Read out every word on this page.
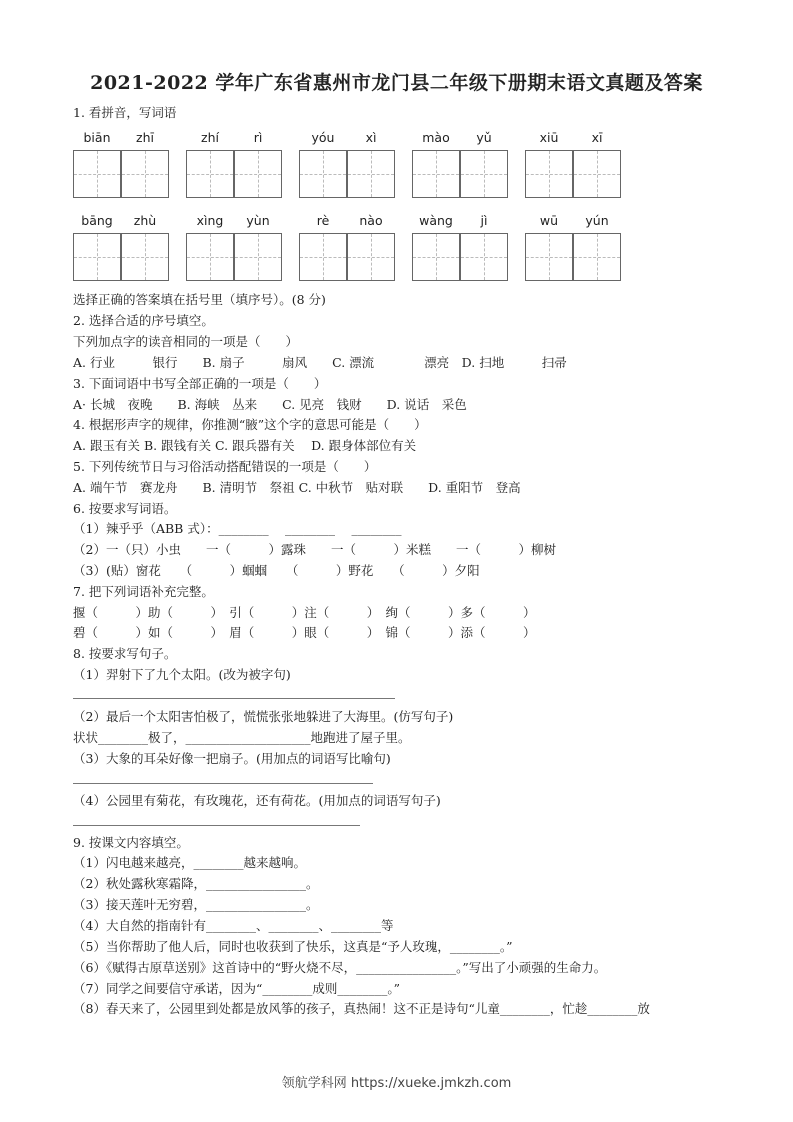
2021-2022 学年广东省惠州市龙门县二年级下册期末语文真题及答案
1. 看拼音，写词语
biān	zhī	zhí	rì	yóu	xì	mào	yǔ	xiū	xī
bāng	zhù	xìng	yùn	rè	nào	wàng	jì	wū	yún
选择正确的答案填在括号里（填序号）。(8 分)
2. 选择合适的序号填空。
下列加点字的读音相同的一项是（　　）
A. 行业　　　银行　　B. 扇子　　　扇风　　C. 漂流　　　　漂亮　D. 扫地　　　扫帚
3. 下面词语中书写全部正确的一项是（　　）
A· 长城　夜晚　　B. 海峡　丛来　　C. 见亮　钱财　　D. 说话　采色
4. 根据形声字的规律，你推测“腋”这个字的意思可能是（　　）
A. 跟玉有关 B. 跟钱有关 C. 跟兵器有关　 D. 跟身体部位有关
5. 下列传统节日与习俗活动搭配错误的一项是（　　）
A. 端午节　赛龙舟　　B. 清明节　祭祖 C. 中秋节　贴对联　　D. 重阳节　登高
6. 按要求写词语。
（1）辣乎乎（ABB 式）：________　 ________　 ________
（2）一（只）小虫　　一（　　　）露珠　　一（　　　）米糕　　一（　　　）柳树
（3）(贴）窗花　　（　　　）蝈蝈　　（　　　）野花　　（　　　）夕阳
7. 把下列词语补充完整。
揠（　　　）助（　　　）　引（　　　）注（　　　）　绚（　　　）多（　　　）
碧（　　　）如（　　　）　眉（　　　）眼（　　　）　锦（　　　）添（　　　）
8. 按要求写句子。
（1）羿射下了九个太阳。(改为被字句)
（2）最后一个太阳害怕极了，慌慌张张地躲进了大海里。(仿写句子)
状状________极了，____________________地跑进了屋子里。
（3）大象的耳朵好像一把扇子。(用加点的词语写比喻句)
（4）公园里有菊花，有玫瑰花，还有荷花。(用加点的词语写句子)
9. 按课文内容填空。
（1）闪电越来越亮，________越来越响。
（2）秋处露秋寒霜降，________________。
（3）接天莲叶无穷碧，________________。
（4）大自然的指南针有________、________、________等
（5）当你帮助了他人后，同时也收获到了快乐，这真是“予人玫瑰，________。”
（6）《赋得古原草送别》这首诗中的“野火烧不尽，________________。”写出了小顽强的生命力。
（7）同学之间要信守承诺，因为“________成则________。”
（8）春天来了，公园里到处都是放风筝的孩子，真热闹！这不正是诗句“儿童________，忙趁________放
领航学科网 https://xueke.jmkzh.com
